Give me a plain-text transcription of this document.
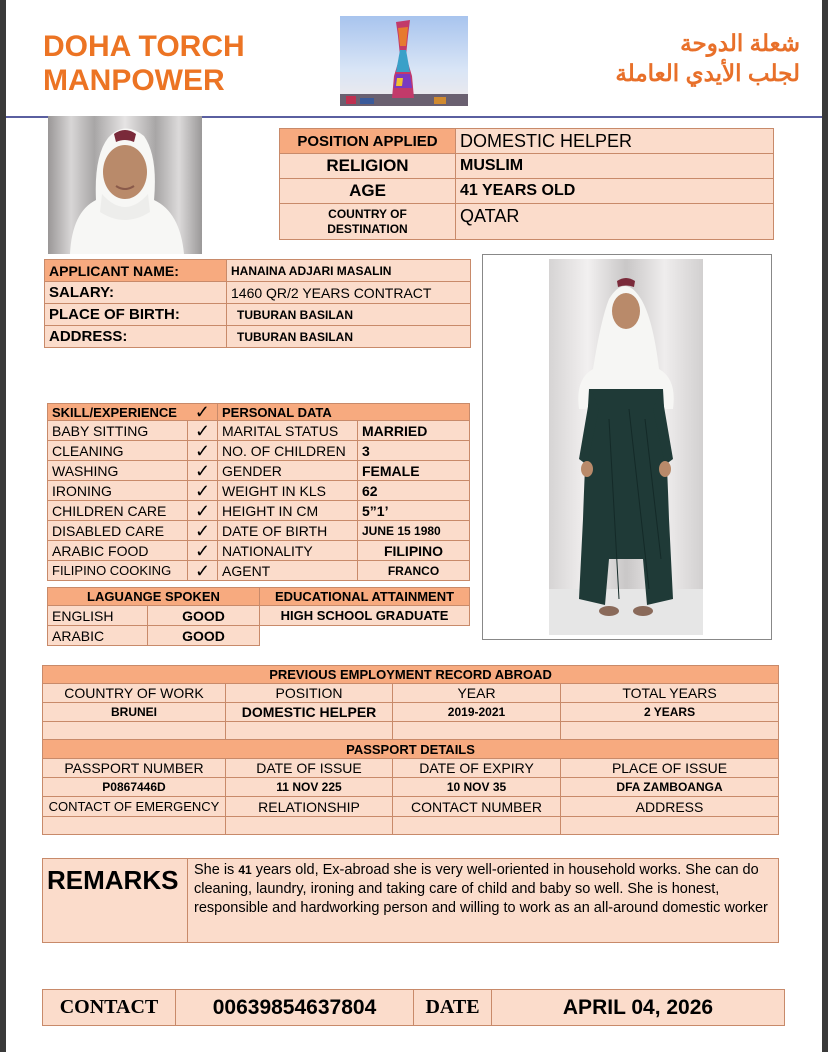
DOHA TORCH
MANPOWER
شعلة الدوحة
لجلب الأيدي العاملة
POSITION APPLIED	DOMESTIC HELPER
RELIGION	MUSLIM
AGE	41 YEARS OLD
COUNTRY OF DESTINATION	QATAR
APPLICANT NAME:	HANAINA ADJARI MASALIN
SALARY:	1460 QR/2 YEARS CONTRACT
PLACE OF BIRTH:	TUBURAN BASILAN
ADDRESS:	TUBURAN BASILAN
SKILL/EXPERIENCE	✓	PERSONAL DATA	
BABY SITTING	✓	MARITAL STATUS	MARRIED
CLEANING	✓	NO. OF CHILDREN	3
WASHING	✓	GENDER	FEMALE
IRONING	✓	WEIGHT IN KLS	62
CHILDREN CARE	✓	HEIGHT IN CM	5”1’
DISABLED CARE	✓	DATE OF BIRTH	JUNE 15 1980
ARABIC FOOD	✓	NATIONALITY	FILIPINO
FILIPINO COOKING	✓	AGENT	FRANCO
LAGUANGE SPOKEN	
ENGLISH	GOOD
ARABIC	GOOD
EDUCATIONAL ATTAINMENT
HIGH SCHOOL GRADUATE
PREVIOUS EMPLOYMENT RECORD ABROAD			
COUNTRY OF WORK	POSITION	YEAR	TOTAL YEARS
BRUNEI	DOMESTIC HELPER	2019-2021	2 YEARS

PASSPORT DETAILS			
PASSPORT NUMBER	DATE OF ISSUE	DATE OF EXPIRY	PLACE OF ISSUE
P0867446D	11 NOV 225	10 NOV 35	DFA ZAMBOANGA
CONTACT OF EMERGENCY	RELATIONSHIP	CONTACT NUMBER	ADDRESS

REMARKS	She is 41 years old, Ex-abroad she is very well-oriented in household works. She can do cleaning, laundry, ironing and taking care of child and baby so well. She is honest, responsible and hardworking person and willing to work as an all-around domestic worker
CONTACT	00639854637804	DATE	APRIL 04, 2026
